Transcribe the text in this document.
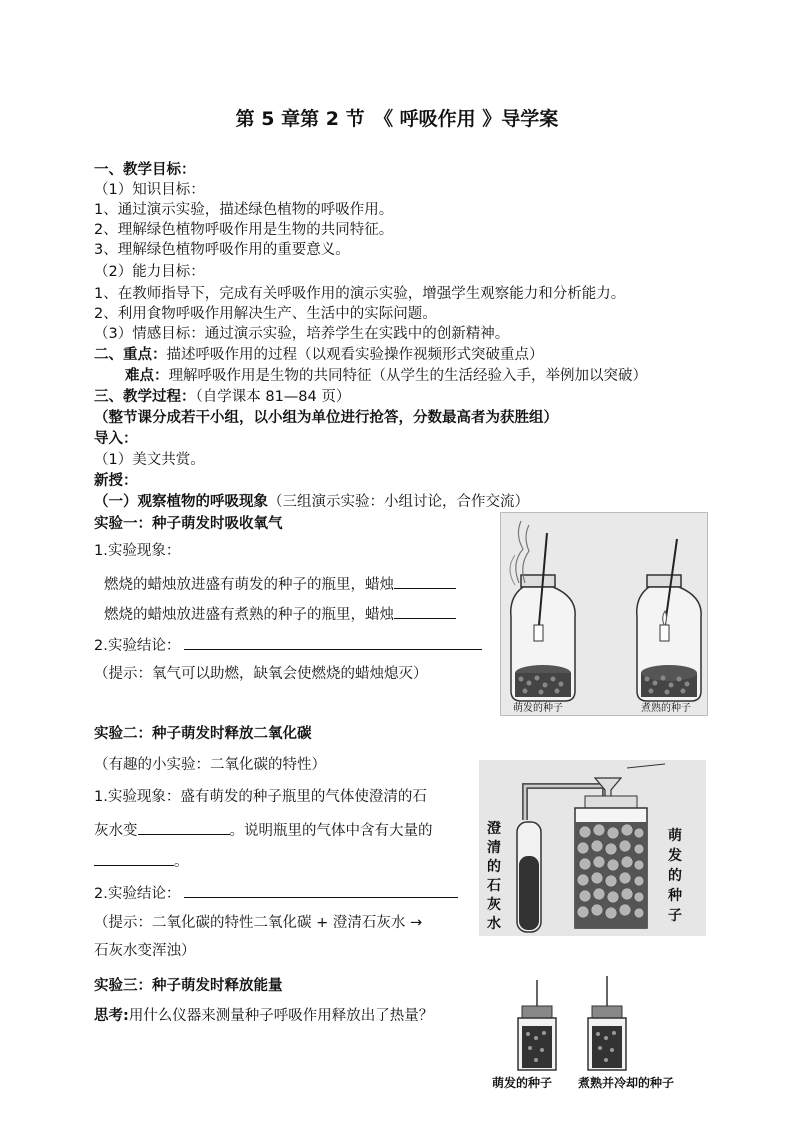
第 5 章第 2 节　《 呼吸作用 》导学案
一、教学目标：
（1）知识目标：
1、通过演示实验，描述绿色植物的呼吸作用。
2、理解绿色植物呼吸作用是生物的共同特征。
3、理解绿色植物呼吸作用的重要意义。
（2）能力目标：
1、在教师指导下，完成有关呼吸作用的演示实验，增强学生观察能力和分析能力。
2、利用食物呼吸作用解决生产、生活中的实际问题。
（3）情感目标：通过演示实验，培养学生在实践中的创新精神。
二、重点：描述呼吸作用的过程（以观看实验操作视频形式突破重点）
难点：理解呼吸作用是生物的共同特征（从学生的生活经验入手，举例加以突破）
三、教学过程：（自学课本 81—84 页）
（整节课分成若干小组，以小组为单位进行抢答，分数最高者为获胜组）
导入：
（1）美文共赏。
新授：
（一）观察植物的呼吸现象（三组演示实验：小组讨论，合作交流）
实验一：种子萌发时吸收氧气
1.实验现象：
燃烧的蜡烛放进盛有萌发的种子的瓶里，蜡烛
燃烧的蜡烛放进盛有煮熟的种子的瓶里，蜡烛
2.实验结论：
（提示：氧气可以助燃，缺氧会使燃烧的蜡烛熄灭）
萌发的种子	煮熟的种子
实验二：种子萌发时释放二氧化碳
（有趣的小实验：二氧化碳的特性）
1.实验现象：盛有萌发的种子瓶里的气体使澄清的石
灰水变	。说明瓶里的气体中含有大量的
。
2.实验结论：
（提示：二氧化碳的特性二氧化碳 + 澄清石灰水 →
石灰水变浑浊）
澄
清
的
石
灰
水
萌
发
的
种
子
实验三：种子萌发时释放能量
思考:用什么仪器来测量种子呼吸作用释放出了热量？
萌发的种子 煮熟并冷却的种子
